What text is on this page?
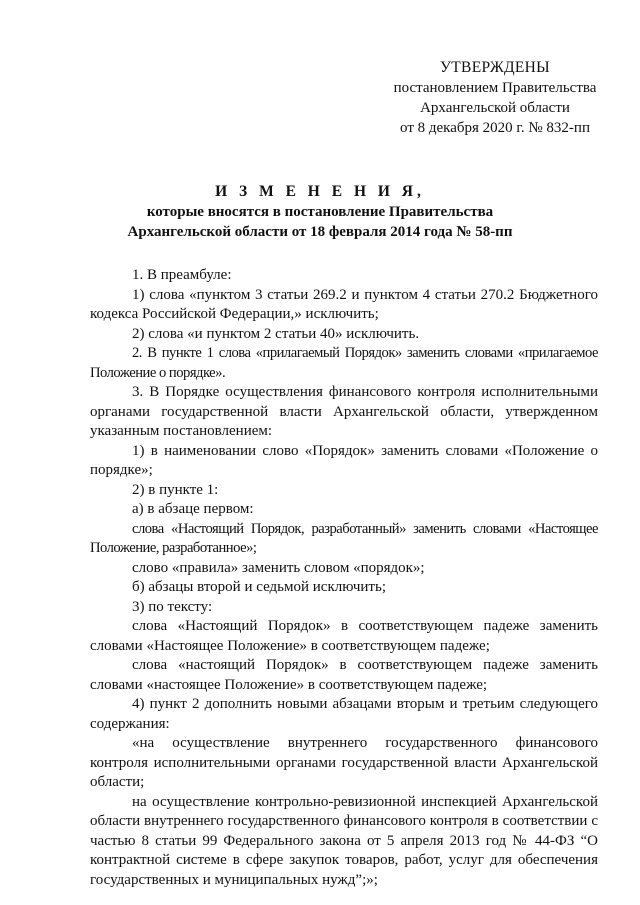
УТВЕРЖДЕНЫ
постановлением Правительства
Архангельской области
от 8 декабря 2020 г. № 832-пп
И З М Е Н Е Н И Я,
которые вносятся в постановление Правительства
Архангельской области от 18 февраля 2014 года № 58-пп

1. В преамбуле:

1) слова «пунктом 3 статьи 269.2 и пунктом 4 статьи 270.2 Бюджетного кодекса Российской Федерации,» исключить;

2) слова «и пунктом 2 статьи 40» исключить.

2. В пункте 1 слова «прилагаемый Порядок» заменить словами «прилагаемое Положение о порядке».

3. В Порядке осуществления финансового контроля исполнительными органами государственной власти Архангельской области, утвержденном указанным постановлением:

1) в наименовании слово «Порядок» заменить словами «Положение о порядке»;

2) в пункте 1:

а) в абзаце первом:

слова «Настоящий Порядок, разработанный» заменить словами «Настоящее Положение, разработанное»;

слово «правила» заменить словом «порядок»;

б) абзацы второй и седьмой исключить;

3) по тексту:

слова «Настоящий Порядок» в соответствующем падеже заменить словами «Настоящее Положение» в соответствующем падеже;

слова «настоящий Порядок» в соответствующем падеже заменить словами «настоящее Положение» в соответствующем падеже;

4) пункт 2 дополнить новыми абзацами вторым и третьим следующего содержания:

«на осуществление внутреннего государственного финансового контроля исполнительными органами государственной власти Архангельской области;

на осуществление контрольно-ревизионной инспекцией Архангельской области внутреннего государственного финансового контроля в соответствии с частью 8 статьи 99 Федерального закона от 5 апреля 2013 год № 44-ФЗ “О контрактной системе в сфере закупок товаров, работ, услуг для обеспечения государственных и муниципальных нужд”;»;
